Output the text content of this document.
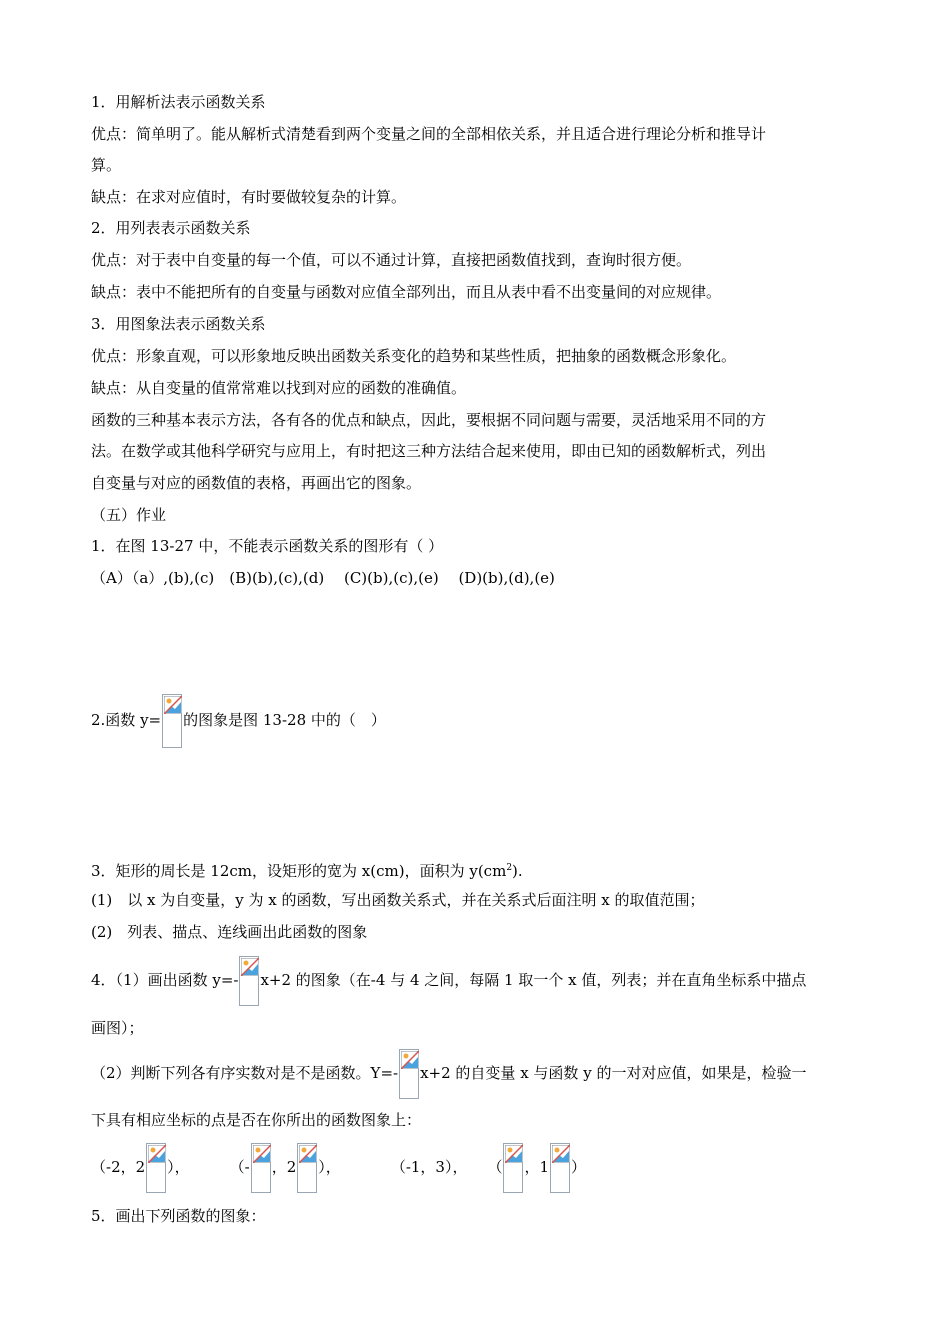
1．用解析法表示函数关系
优点：简单明了。能从解析式清楚看到两个变量之间的全部相依关系，并且适合进行理论分析和推导计
算。
缺点：在求对应值时，有时要做较复杂的计算。
2．用列表表示函数关系
优点：对于表中自变量的每一个值，可以不通过计算，直接把函数值找到，查询时很方便。
缺点：表中不能把所有的自变量与函数对应值全部列出，而且从表中看不出变量间的对应规律。
3．用图象法表示函数关系
优点：形象直观，可以形象地反映出函数关系变化的趋势和某些性质，把抽象的函数概念形象化。
缺点：从自变量的值常常难以找到对应的函数的准确值。
函数的三种基本表示方法，各有各的优点和缺点，因此，要根据不同问题与需要，灵活地采用不同的方
法。在数学或其他科学研究与应用上，有时把这三种方法结合起来使用，即由已知的函数解析式，列出
自变量与对应的函数值的表格，再画出它的图象。
（五）作业
1．在图 13-27 中，不能表示函数关系的图形有（ ）
（A）（a）,(b),(c)　(B)(b),(c),(d)　 (C)(b),(c),(e)　 (D)(b),(d),(e)
2.函数 y= 的图象是图 13-28 中的（　）
3．矩形的周长是 12cm，设矩形的宽为 x(cm)，面积为 $y(cm^2)$.
(1)　以 x 为自变量，y 为 x 的函数，写出函数关系式，并在关系式后面注明 x 的取值范围；
(2)　列表、描点、连线画出此函数的图象
4．（1）画出函数 y=- x+2 的图象（在-4 与 4 之间，每隔 1 取一个 x 值，列表；并在直角坐标系中描点
画图）；
（2）判断下列各有序实数对是不是函数。Y=- x+2 的自变量 x 与函数 y 的一对对应值，如果是，检验一
下具有相应坐标的点是否在你所出的函数图象上：
（-2，2 ），	（- ，2 ），	（-1，3）， （ ，1 ）
5．画出下列函数的图象：
